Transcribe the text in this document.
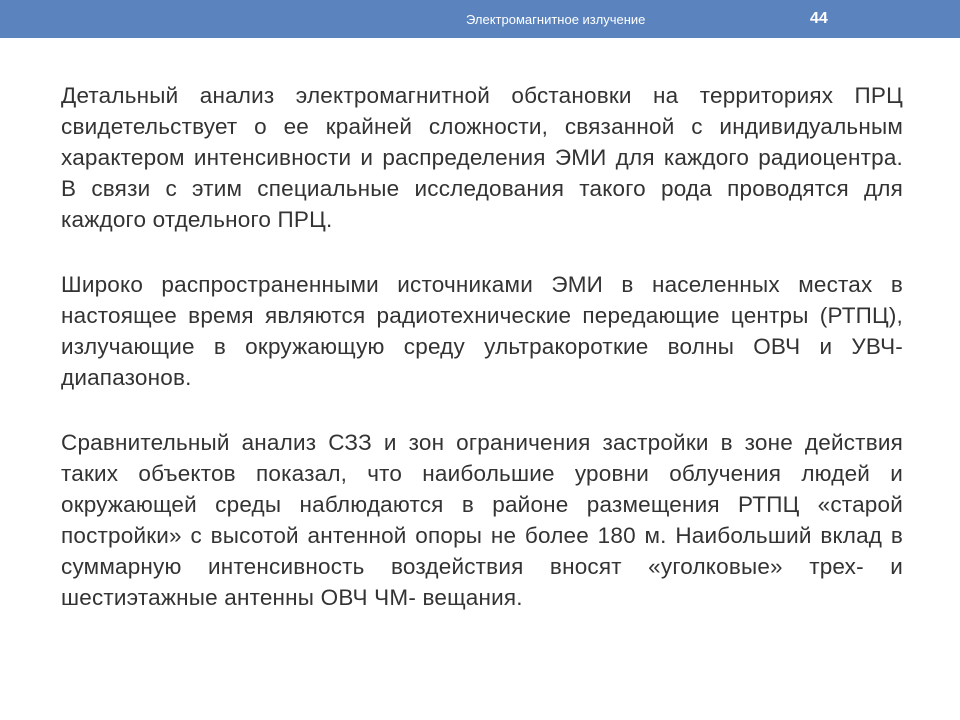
Электромагнитное излучение	44

Детальный анализ электромагнитной обстановки на территориях ПРЦ свидетельствует о ее крайней сложности, связанной с индивидуальным характером интенсивности и распределения ЭМИ для каждого радиоцентра. В связи с этим специальные исследования такого рода проводятся для каждого отдельного ПРЦ.

Широко распространенными источниками ЭМИ в населенных местах в настоящее время являются радиотехнические передающие центры (РТПЦ), излучающие в окружающую среду ультракороткие волны ОВЧ и УВЧ- диапазонов.

Сравнительный анализ СЗЗ и зон ограничения застройки в зоне действия таких объектов показал, что наибольшие уровни облучения людей и окружающей среды наблюдаются в районе размещения РТПЦ «старой постройки» с высотой антенной опоры не более 180 м. Наибольший вклад в суммарную интенсивность воздействия вносят «уголковые» трех- и шестиэтажные антенны ОВЧ ЧМ- вещания.
